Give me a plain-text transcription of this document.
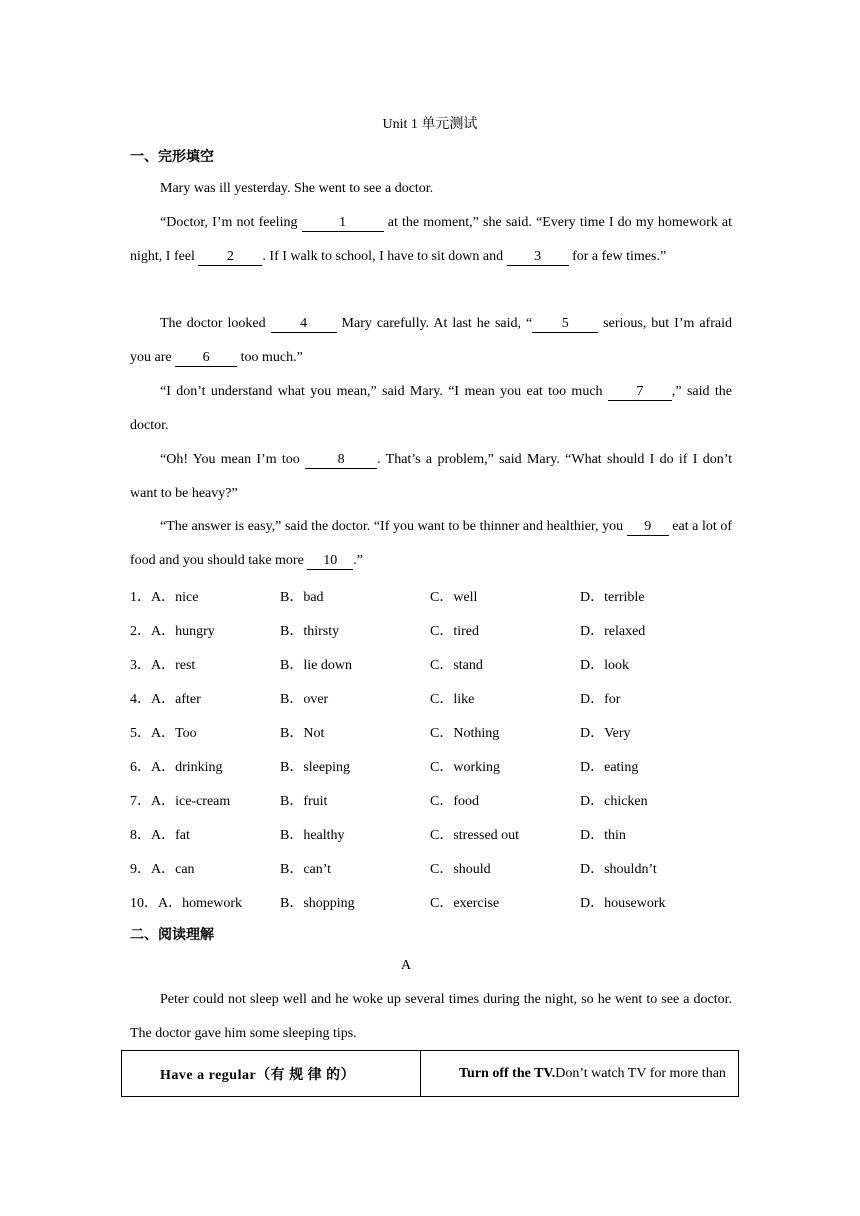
Unit 1 单元测试
一、完形填空
Mary was ill yesterday. She went to see a doctor.
“Doctor, I’m not feeling	1	at the moment,” she said. “Every time I do my homework at night, I feel 2 . If I walk to school, I have to sit down and 3 for a few times.”
The doctor looked 4 Mary carefully. At last he said, “ 5 serious, but I’m afraid you are 6 too much.”
“I don’t understand what you mean,” said Mary. “I mean you eat too much 7 ,” said the doctor.
“Oh! You mean I’m too 8 . That’s a problem,” said Mary. “What should I do if I don’t want to be heavy?”
“The answer is easy,” said the doctor. “If you want to be thinner and healthier, you 9 eat a lot of food and you should take more 10 .”
1．A．nice	B．bad	C．well	D．terrible
2．A．hungry	B．thirsty	C．tired	D．relaxed
3．A．rest	B．lie down	C．stand	D．look
4．A．after	B．over	C．like	D．for
5．A．Too	B．Not	C．Nothing	D．Very
6．A．drinking	B．sleeping	C．working	D．eating
7．A．ice-cream	B．fruit	C．food	D．chicken
8．A．fat	B．healthy	C．stressed out	D．thin
9．A．can	B．can’t	C．should	D．shouldn’t
10．A．homework	B．shopping	C．exercise	D．housework
二、阅读理解
A
Peter could not sleep well and he woke up several times during the night, so he went to see a doctor. The doctor gave him some sleeping tips.
Have a regular（有 规 律 的）	Turn off the TV.Don’t watch TV for more than
